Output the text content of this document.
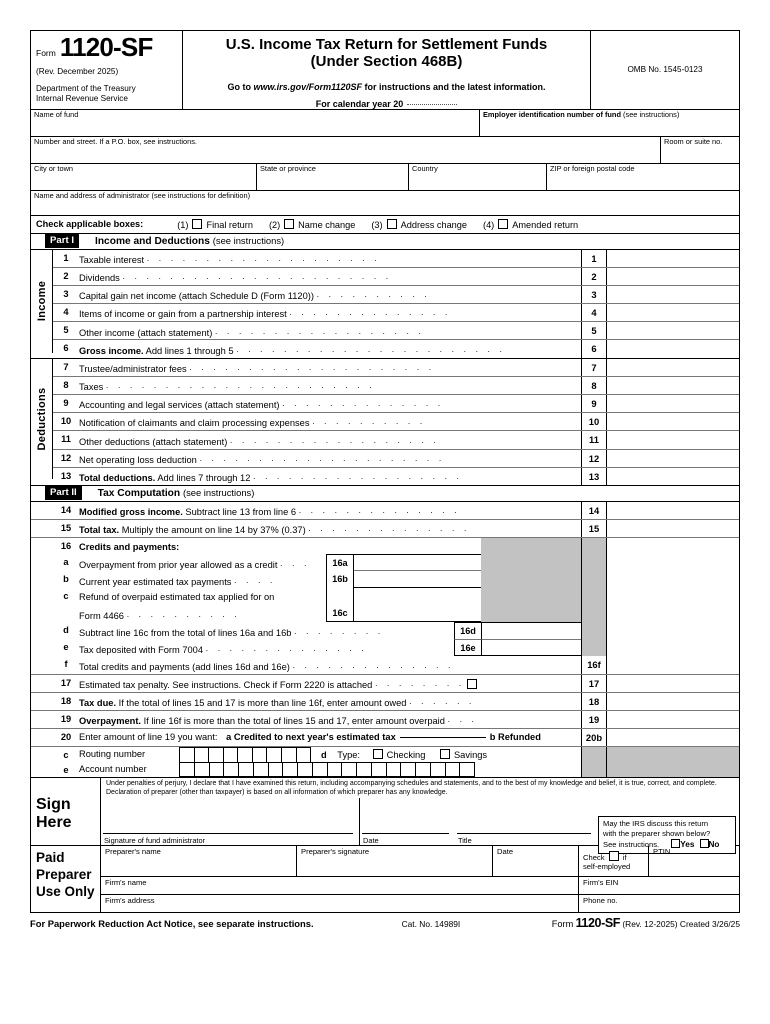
Form 1120-SF
(Rev. December 2025)
Department of the Treasury
Internal Revenue Service
U.S. Income Tax Return for Settlement Funds
(Under Section 468B)
Go to www.irs.gov/Form1120SF for instructions and the latest information.
For calendar year 20
OMB No. 1545-0123
Name of fund	Employer identification number of fund (see instructions)
Number and street. If a P.O. box, see instructions.	Room or suite no.
City or town	State or province	Country	ZIP or foreign postal code
Name and address of administrator (see instructions for definition)
Check applicable boxes:	(1) Final return (2) Name change (3) Address change (4) Amended return
Part I	Income and Deductions (see instructions)
Income
1	Taxable interest . . . . . . . . . . . . . . . . . . . .	1
2	Dividends . . . . . . . . . . . . . . . . . . . . . . .	2
3	Capital gain net income (attach Schedule D (Form 1120)) . . . . . . . . . .	3
4	Items of income or gain from a partnership interest . . . . . . . . . . . . . .	4
5	Other income (attach statement) . . . . . . . . . . . . . . . . . .	5
6	Gross income. Add lines 1 through 5 . . . . . . . . . . . . . . . . . . . . . . .	6
Deductions
7	Trustee/administrator fees . . . . . . . . . . . . . . . . . . . . .	7
8	Taxes . . . . . . . . . . . . . . . . . . . . . . .	8
9	Accounting and legal services (attach statement) . . . . . . . . . . . . . .	9
10 Notification of claimants and claim processing expenses . . . . . . . . . .	10
11 Other deductions (attach statement) . . . . . . . . . . . . . . . . . .	11
12 Net operating loss deduction . . . . . . . . . . . . . . . . . . . . .	12
13 Total deductions. Add lines 7 through 12 . . . . . . . . . . . . . . . . . .	13
Part II	Tax Computation (see instructions)
14 Modified gross income. Subtract line 13 from line 6 . . . . . . . . . . . . . .	14
15 Total tax. Multiply the amount on line 14 by 37% (0.37) . . . . . . . . . . . . . .	15
16 Credits and payments:

a	Overpayment from prior year allowed as a credit . . .	16a

b	Current year estimated tax payments . . . .	16b

c	Refund of overpaid estimated tax applied for on

Form 4466 . . . . . . . . . .	16c

d	Subtract line 16c from the total of lines 16a and 16b . . . . . . . .	16d

e	Tax deposited with Form 7004 . . . . . . . . . . . . . .	16e

f	Total credits and payments (add lines 16d and 16e) . . . . . . . . . . . . . .	16f
17 Estimated tax penalty. See instructions. Check if Form 2220 is attached . . . . . . . .	17
18 Tax due. If the total of lines 15 and 17 is more than line 16f, enter amount owed . . . . . .	18
19 Overpayment. If line 16f is more than the total of lines 15 and 17, enter amount overpaid . . .	19
20 Enter amount of line 19 you want: a Credited to next year's estimated tax	b Refunded	20b
c	Routing number	d Type:	Checking	Savings

e	Account number

Sign
Here
Under penalties of perjury, I declare that I have examined this return, including accompanying schedules and statements, and to the best of my knowledge and belief, it is true, correct, and complete. Declaration of preparer (other than taxpayer) is based on all information of which preparer has any knowledge.
Signature of fund administrator	Date	Title
May the IRS discuss this return
with the preparer shown below?
See instructions.	Yes No
Paid
Preparer
Use Only
Preparer's name	Preparer's signature	Date
Check if
self-employed
PTIN
Firm's name	Firm's EIN
Firm's address	Phone no.
For Paperwork Reduction Act Notice, see separate instructions.	Cat. No. 14989I	Form 1120-SF (Rev. 12-2025) Created 3/26/25
